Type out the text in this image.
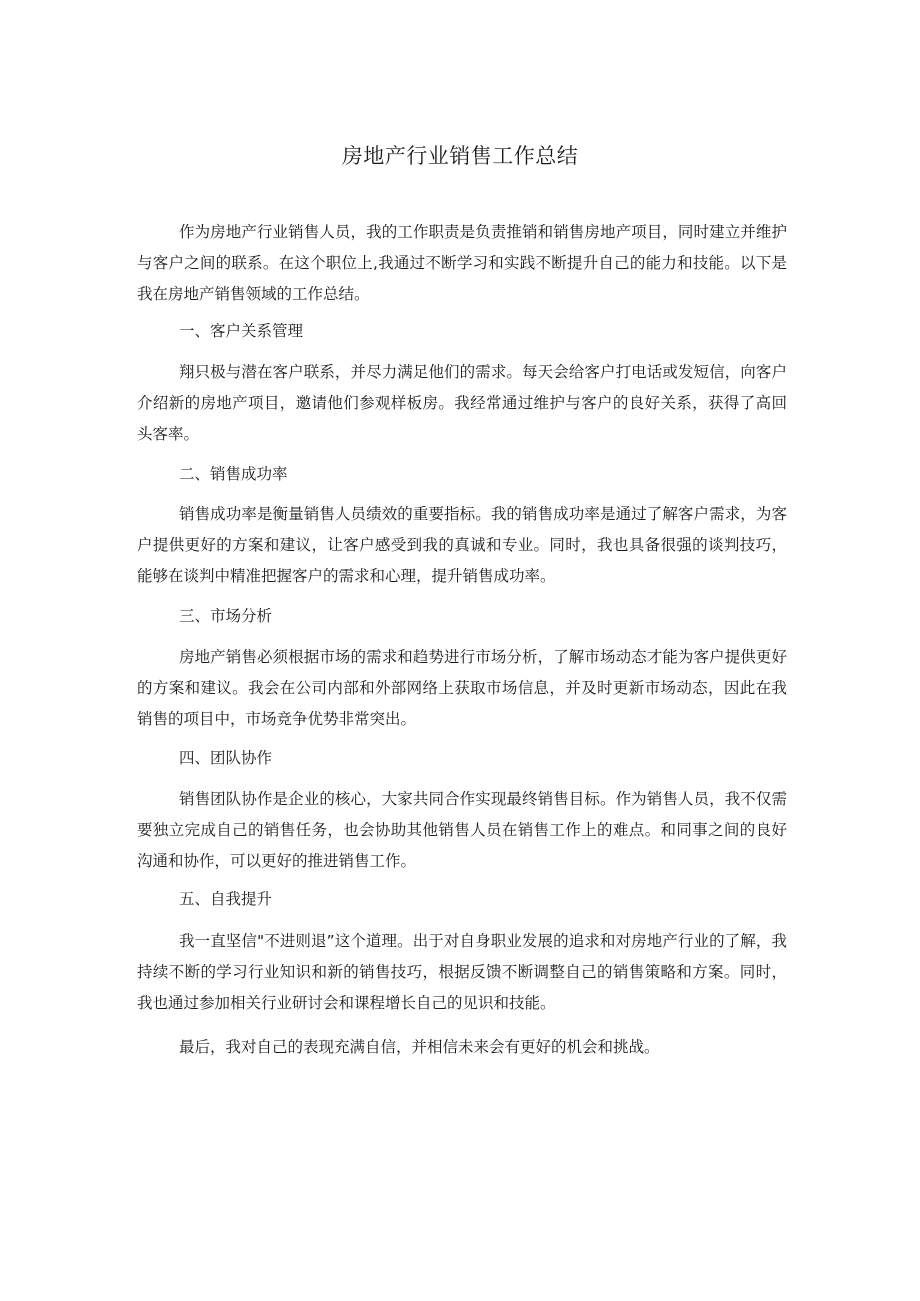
房地产行业销售工作总结

作为房地产行业销售人员，我的工作职责是负责推销和销售房地产项目，同时建立并维护与客户之间的联系。在这个职位上,我通过不断学习和实践不断提升自己的能力和技能。以下是我在房地产销售领域的工作总结。

一、客户关系管理

翔只极与潜在客户联系，并尽力满足他们的需求。每天会给客户打电话或发短信，向客户介绍新的房地产项目，邀请他们参观样板房。我经常通过维护与客户的良好关系，获得了高回头客率。

二、销售成功率

销售成功率是衡量销售人员绩效的重要指标。我的销售成功率是通过了解客户需求，为客户提供更好的方案和建议，让客户感受到我的真诚和专业。同时，我也具备很强的谈判技巧，能够在谈判中精准把握客户的需求和心理，提升销售成功率。

三、市场分析

房地产销售必须根据市场的需求和趋势进行市场分析，了解市场动态才能为客户提供更好的方案和建议。我会在公司内部和外部网络上获取市场信息，并及时更新市场动态，因此在我销售的项目中，市场竞争优势非常突出。

四、团队协作

销售团队协作是企业的核心，大家共同合作实现最终销售目标。作为销售人员，我不仅需要独立完成自己的销售任务，也会协助其他销售人员在销售工作上的难点。和同事之间的良好沟通和协作，可以更好的推进销售工作。

五、自我提升

我一直坚信"不进则退”这个道理。出于对自身职业发展的追求和对房地产行业的了解，我持续不断的学习行业知识和新的销售技巧，根据反馈不断调整自己的销售策略和方案。同时，我也通过参加相关行业研讨会和课程增长自己的见识和技能。

最后，我对自己的表现充满自信，并相信未来会有更好的机会和挑战。
